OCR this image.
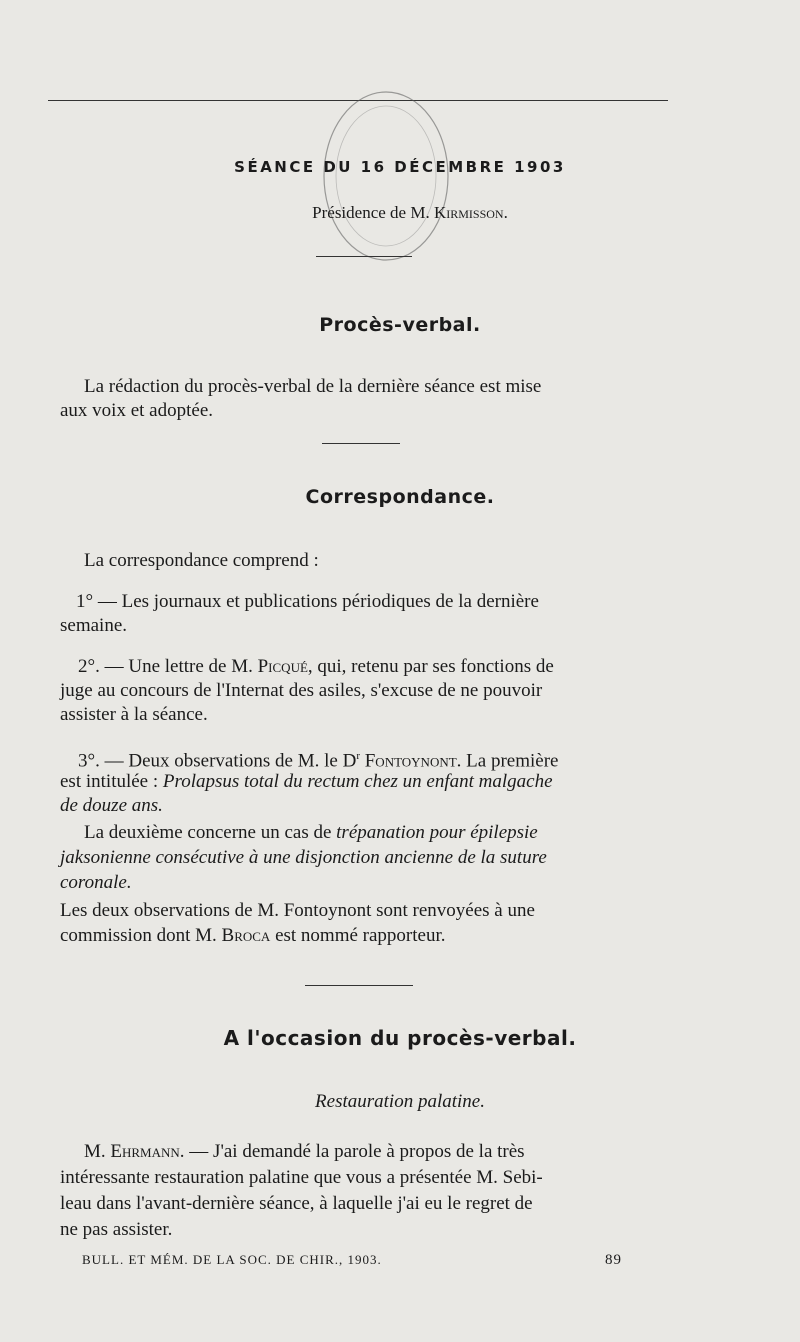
SÉANCE DU 16 DÉCEMBRE 1903
Présidence de M. Kirmisson.
Procès-verbal.
La rédaction du procès-verbal de la dernière séance est mise
aux voix et adoptée.
Correspondance.
La correspondance comprend :
1° — Les journaux et publications périodiques de la dernière
semaine.
2°. — Une lettre de M. Picqué, qui, retenu par ses fonctions de
juge au concours de l'Internat des asiles, s'excuse de ne pouvoir
assister à la séance.
3°. — Deux observations de M. le $D^r$ Fontoynont. La première
est intitulée : Prolapsus total du rectum chez un enfant malgache
de douze ans.
La deuxième concerne un cas de trépanation pour épilepsie
jaksonienne consécutive à une disjonction ancienne de la suture
coronale.
Les deux observations de M. Fontoynont sont renvoyées à une
commission dont M. Broca est nommé rapporteur.
A l'occasion du procès-verbal.
Restauration palatine.
M. Ehrmann. — J'ai demandé la parole à propos de la très
intéressante restauration palatine que vous a présentée M. Sebi-
leau dans l'avant-dernière séance, à laquelle j'ai eu le regret de
ne pas assister.
BULL. ET MÉM. DE LA SOC. DE CHIR., 1903.	89
